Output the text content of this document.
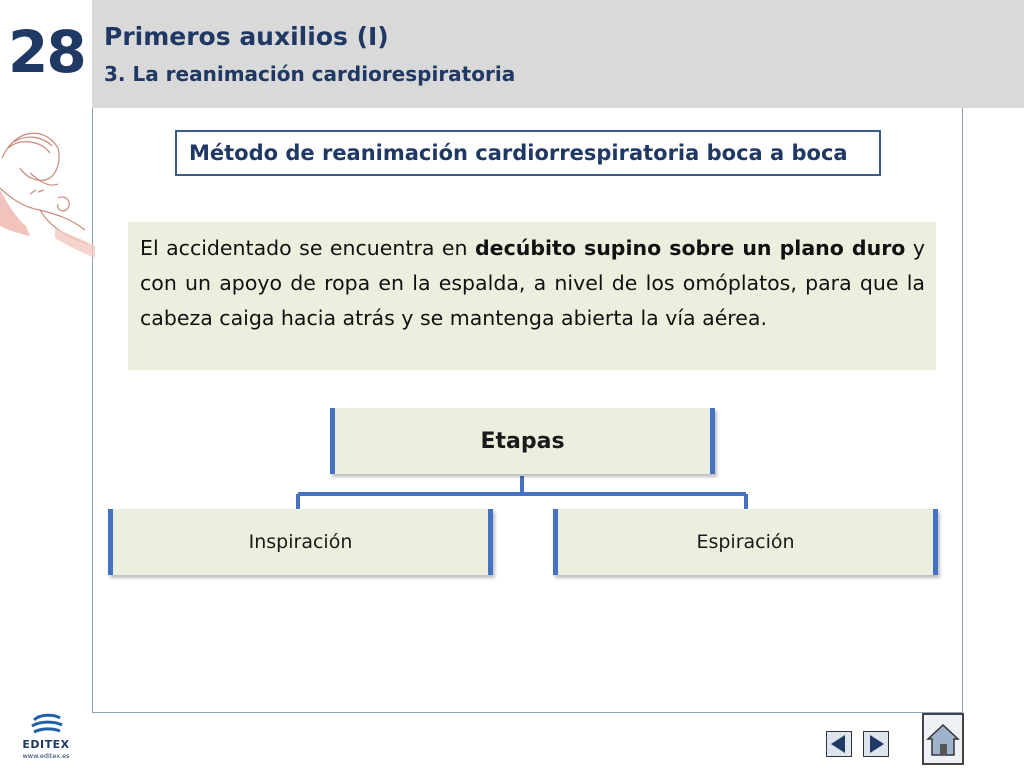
28 Primeros auxilios (I)
3. La reanimación cardiorespiratoria
Método de reanimación cardiorrespiratoria boca a boca

El accidentado se encuentra en decúbito supino sobre un plano duro y con un apoyo de ropa en la espalda, a nivel de los omóplatos, para que la cabeza caiga hacia atrás y se mantenga abierta la vía aérea.

Etapas
Inspiración	Espiración
EDITEX
www.editex.es
